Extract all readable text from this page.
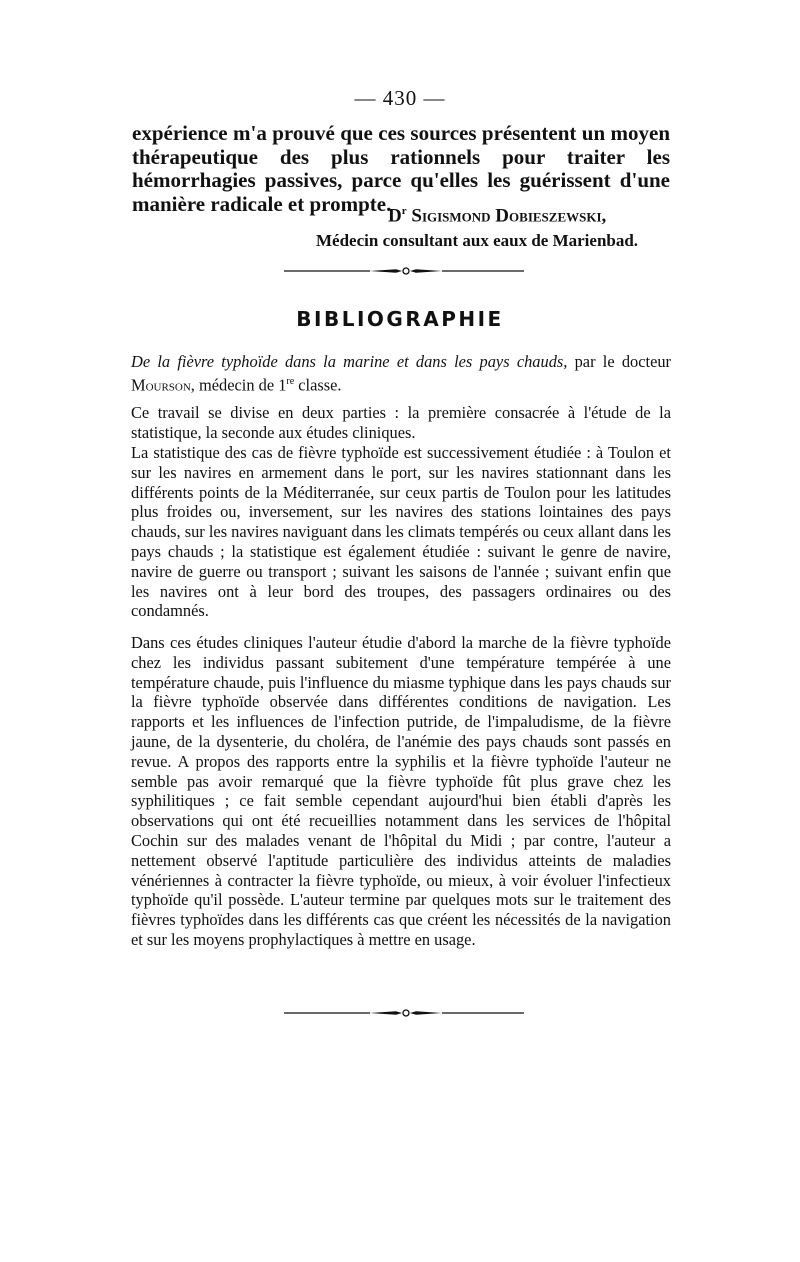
— 430 —
expérience m'a prouvé que ces sources présentent un moyen thérapeutique des plus rationnels pour traiter les hémorrhagies passives, parce qu'elles les guérissent d'une manière radicale et prompte.
$D^r$ Sigismond Dobieszewski,
Médecin consultant aux eaux de Marienbad.
BIBLIOGRAPHIE
De la fièvre typhoïde dans la marine et dans les pays chauds, par le docteur Mourson, médecin de 1re classe.
Ce travail se divise en deux parties : la première consacrée à l'étude de la statistique, la seconde aux études cliniques.
La statistique des cas de fièvre typhoïde est successivement étudiée : à Toulon et sur les navires en armement dans le port, sur les navires stationnant dans les différents points de la Méditerranée, sur ceux partis de Toulon pour les latitudes plus froides ou, inversement, sur les navires des stations lointaines des pays chauds, sur les navires naviguant dans les climats tempérés ou ceux allant dans les pays chauds ; la statistique est également étudiée : suivant le genre de navire, navire de guerre ou transport ; suivant les saisons de l'année ; suivant enfin que les navires ont à leur bord des troupes, des passagers ordinaires ou des condamnés.
Dans ces études cliniques l'auteur étudie d'abord la marche de la fièvre typhoïde chez les individus passant subitement d'une température tempérée à une température chaude, puis l'influence du miasme typhique dans les pays chauds sur la fièvre typhoïde observée dans différentes conditions de navigation. Les rapports et les influences de l'infection putride, de l'impaludisme, de la fièvre jaune, de la dysenterie, du choléra, de l'anémie des pays chauds sont passés en revue. A propos des rapports entre la syphilis et la fièvre typhoïde l'auteur ne semble pas avoir remarqué que la fièvre typhoïde fût plus grave chez les syphilitiques ; ce fait semble cependant aujourd'hui bien établi d'après les observations qui ont été recueillies notamment dans les services de l'hôpital Cochin sur des malades venant de l'hôpital du Midi ; par contre, l'auteur a nettement observé l'aptitude particulière des individus atteints de maladies vénériennes à contracter la fièvre typhoïde, ou mieux, à voir évoluer l'infectieux typhoïde qu'il possède. L'auteur termine par quelques mots sur le traitement des fièvres typhoïdes dans les différents cas que créent les nécessités de la navigation et sur les moyens prophylactiques à mettre en usage.
